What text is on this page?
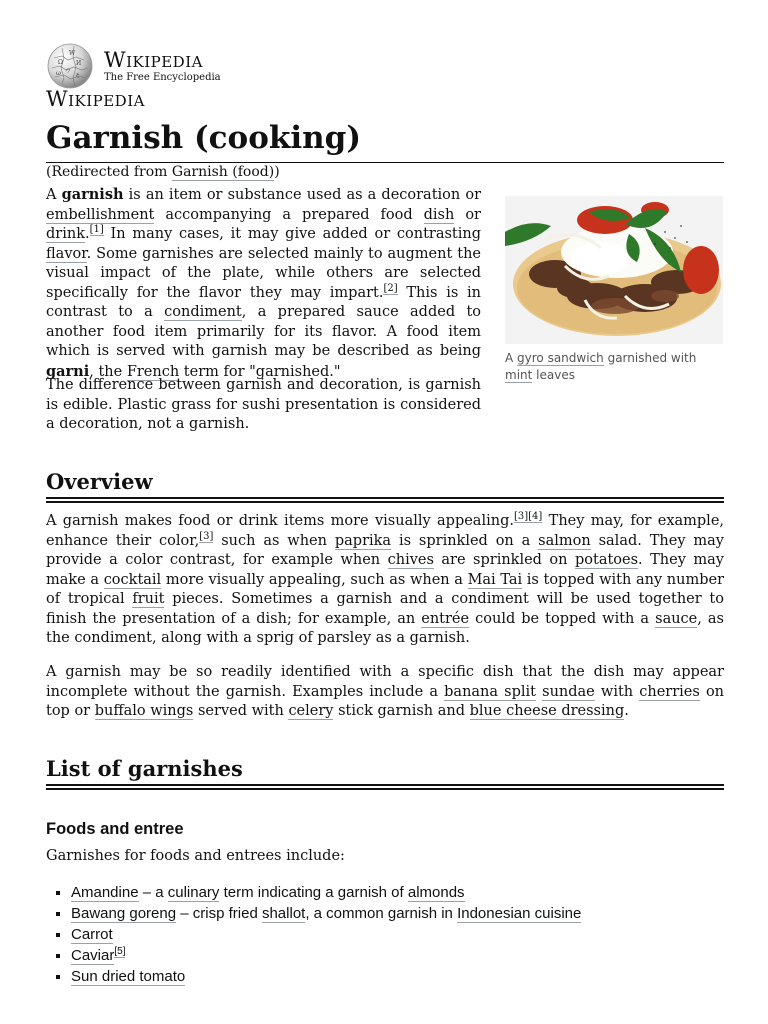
Ω
W
И
ウ
ω	ع
Wikipedia
The Free Encyclopedia
Wikipedia
Garnish (cooking)
(Redirected from Garnish (food))

A garnish is an item or substance used as a decoration or embellishment accompanying a prepared food dish or drink.[1] In many cases, it may give added or contrasting flavor. Some garnishes are selected mainly to augment the visual impact of the plate, while others are selected specifically for the flavor they may impart.[2] This is in contrast to a condiment, a prepared sauce added to another food item primarily for its flavor. A food item which is served with garnish may be described as being garni, the French term for "garnished."

The difference between garnish and decoration, is garnish is edible. Plastic grass for sushi presentation is considered a decoration, not a garnish.

A gyro sandwich garnished with mint leaves
Overview

A garnish makes food or drink items more visually appealing.[3][4] They may, for example, enhance their color,[3] such as when paprika is sprinkled on a salmon salad. They may provide a color contrast, for example when chives are sprinkled on potatoes. They may make a cocktail more visually appealing, such as when a Mai Tai is topped with any number of tropical fruit pieces. Sometimes a garnish and a condiment will be used together to finish the presentation of a dish; for example, an entrée could be topped with a sauce, as the condiment, along with a sprig of parsley as a garnish.

A garnish may be so readily identified with a specific dish that the dish may appear incomplete without the garnish. Examples include a banana split sundae with cherries on top or buffalo wings served with celery stick garnish and blue cheese dressing.

List of garnishes
Foods and entree
Garnishes for foods and entrees include:
▪ Amandine – a culinary term indicating a garnish of almonds
▪ Bawang goreng – crisp fried shallot, a common garnish in Indonesian cuisine
▪ Carrot
▪ Caviar[5]
▪ Sun dried tomato
